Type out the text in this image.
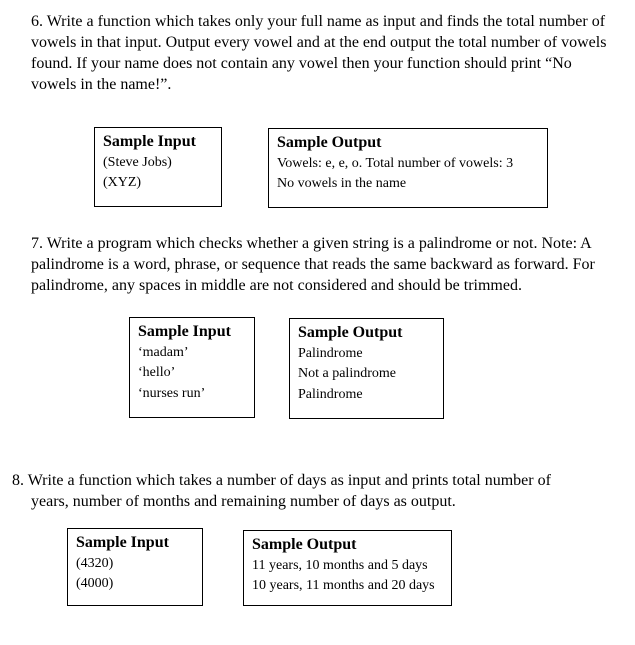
6. Write a function which takes only your full name as input and finds the total number of vowels in that input. Output every vowel and at the end output the total number of vowels found. If your name does not contain any vowel then your function should print “No vowels in the name!”.
Sample Input
(Steve Jobs)
(XYZ)
Sample Output
Vowels: e, e, o. Total number of vowels: 3
No vowels in the name
7. Write a program which checks whether a given string is a palindrome or not. Note: A palindrome is a word, phrase, or sequence that reads the same backward as forward. For palindrome, any spaces in middle are not considered and should be trimmed.
Sample Input
‘madam’
‘hello’
‘nurses run’
Sample Output
Palindrome
Not a palindrome
Palindrome
8. Write a function which takes a number of days as input and prints total number of
years, number of months and remaining number of days as output.
Sample Input
(4320)
(4000)
Sample Output
11 years, 10 months and 5 days
10 years, 11 months and 20 days
